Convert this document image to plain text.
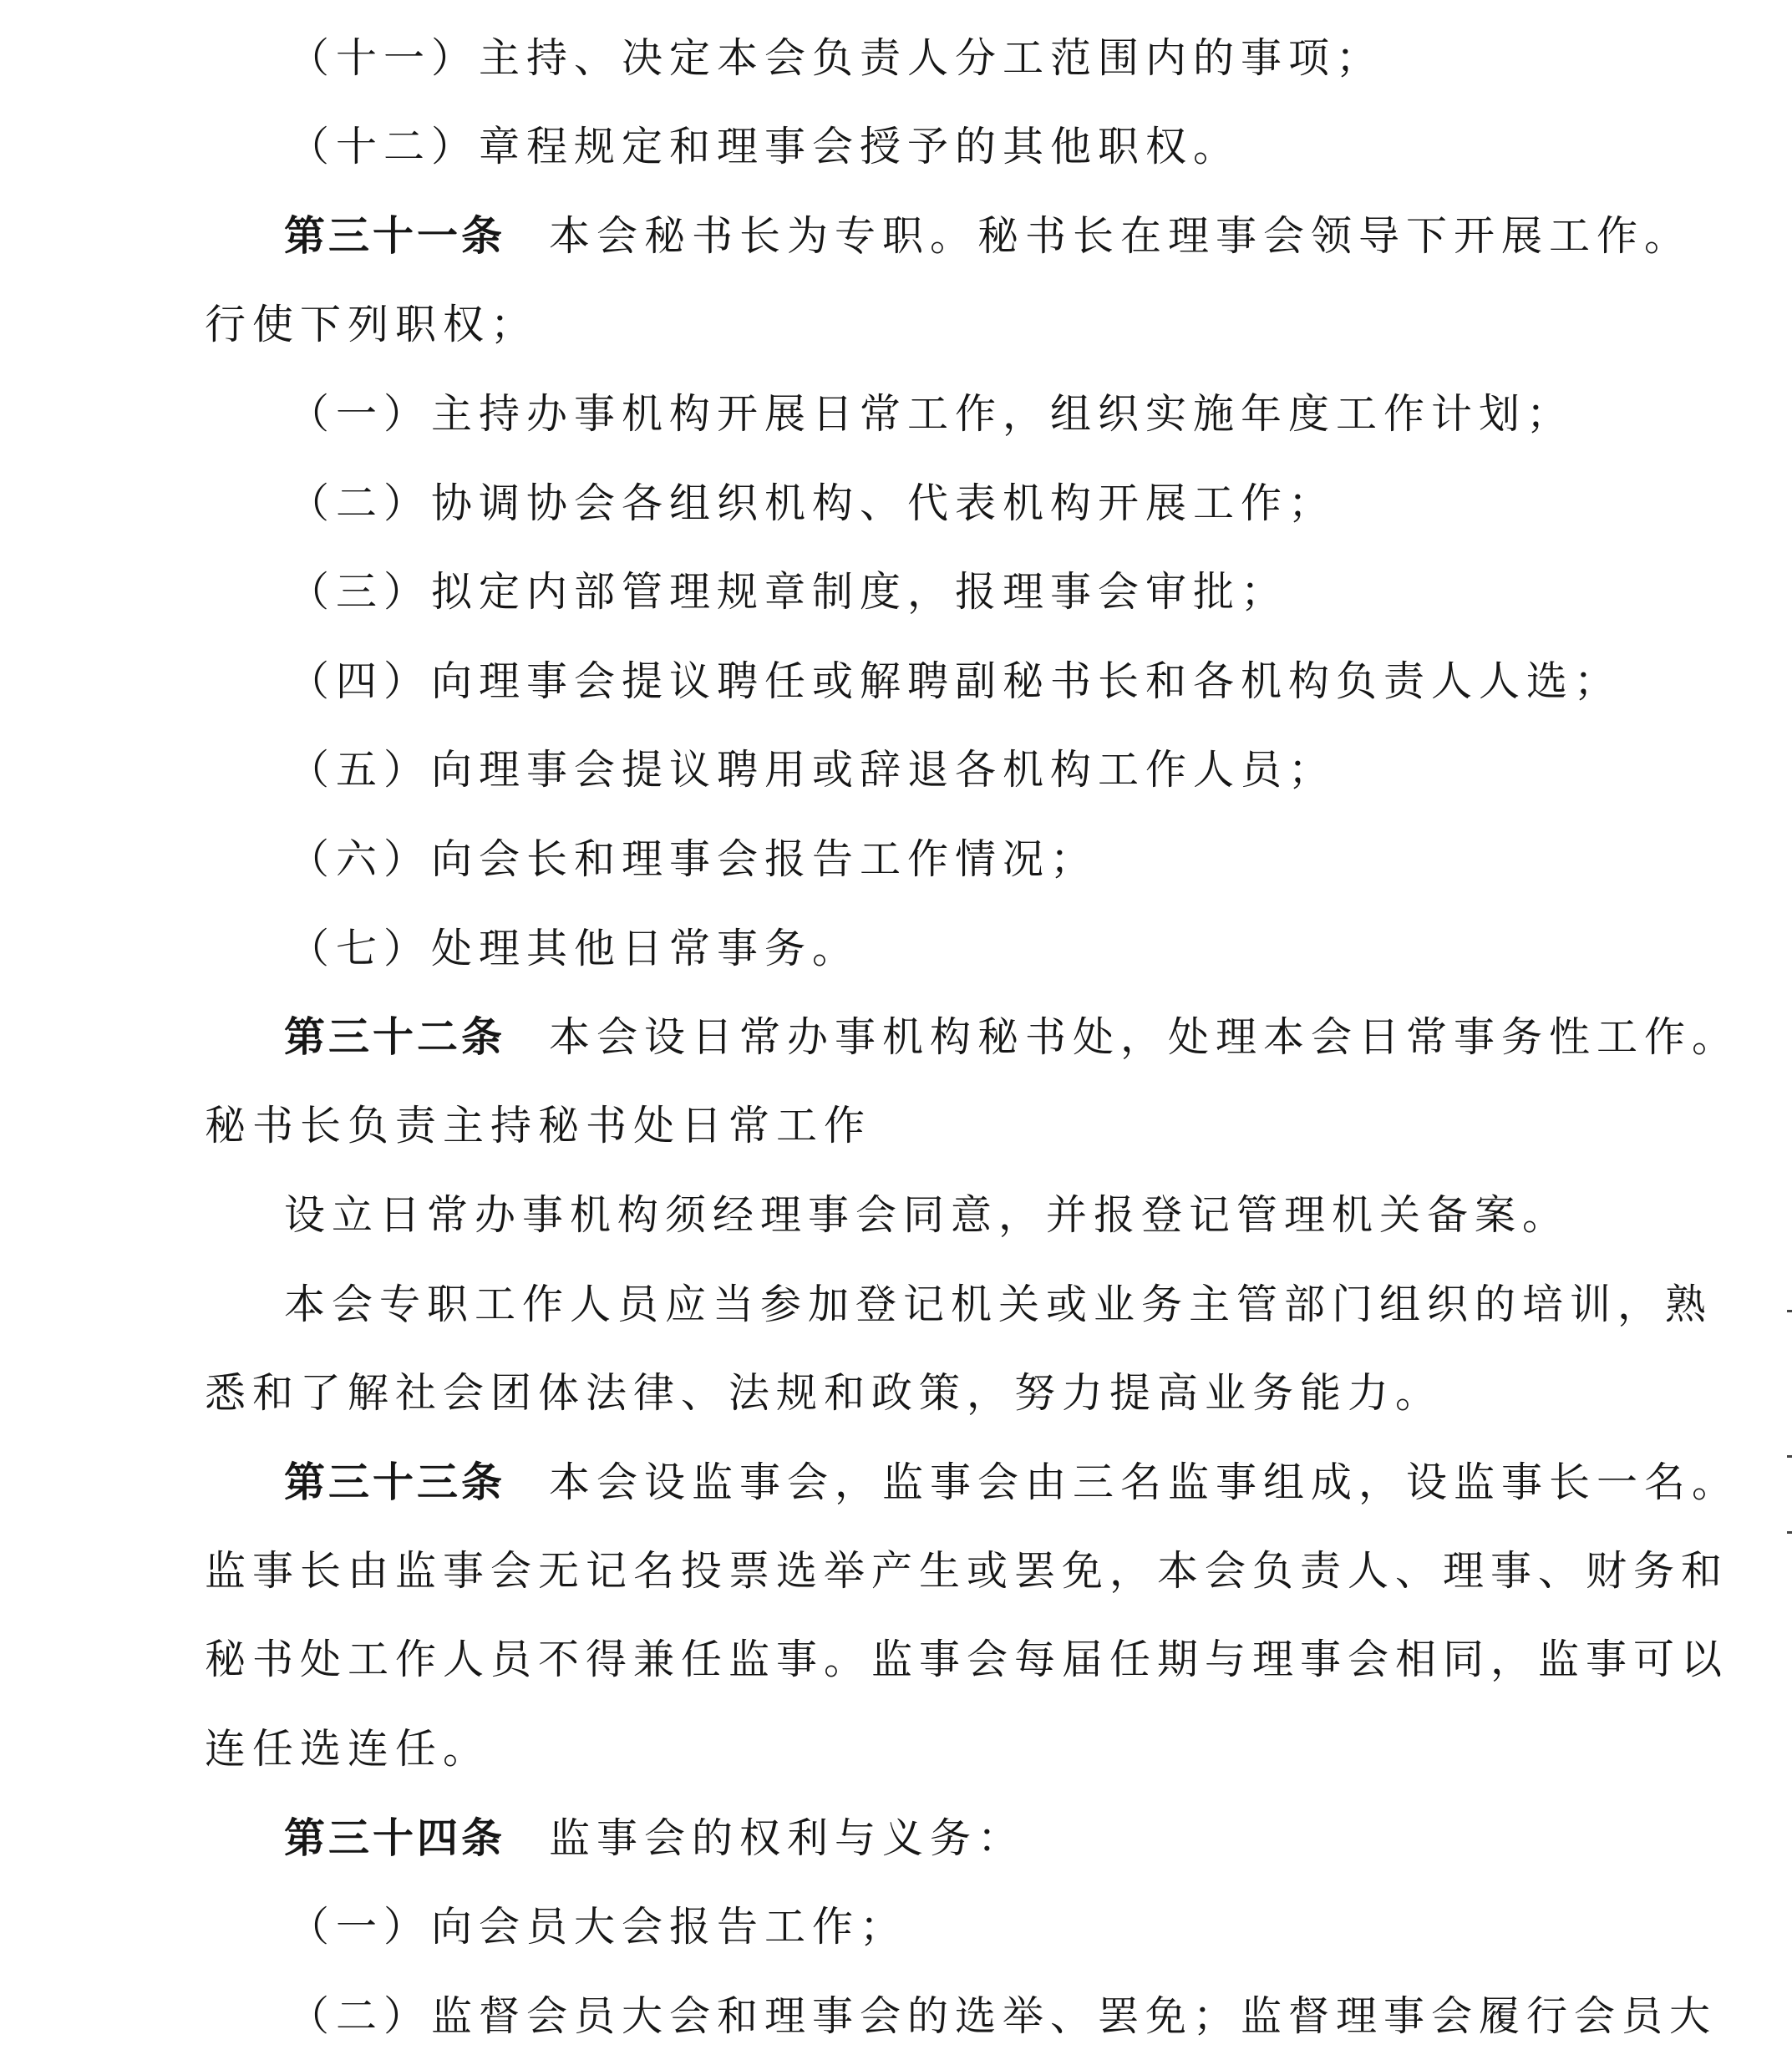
（十一）主持、决定本会负责人分工范围内的事项；
（十二）章程规定和理事会授予的其他职权。
第三十一条 本会秘书长为专职。秘书长在理事会领导下开展工作。
行使下列职权；
（一）主持办事机构开展日常工作，组织实施年度工作计划；
（二）协调协会各组织机构、代表机构开展工作；
（三）拟定内部管理规章制度，报理事会审批；
（四）向理事会提议聘任或解聘副秘书长和各机构负责人人选；
（五）向理事会提议聘用或辞退各机构工作人员；
（六）向会长和理事会报告工作情况；
（七）处理其他日常事务。
第三十二条 本会设日常办事机构秘书处，处理本会日常事务性工作。
秘书长负责主持秘书处日常工作
设立日常办事机构须经理事会同意，并报登记管理机关备案。
本会专职工作人员应当参加登记机关或业务主管部门组织的培训，熟
悉和了解社会团体法律、法规和政策，努力提高业务能力。
第三十三条 本会设监事会，监事会由三名监事组成，设监事长一名。
监事长由监事会无记名投票选举产生或罢免，本会负责人、理事、财务和
秘书处工作人员不得兼任监事。监事会每届任期与理事会相同，监事可以
连任选连任。
第三十四条 监事会的权利与义务：
（一）向会员大会报告工作；
（二）监督会员大会和理事会的选举、罢免；监督理事会履行会员大
